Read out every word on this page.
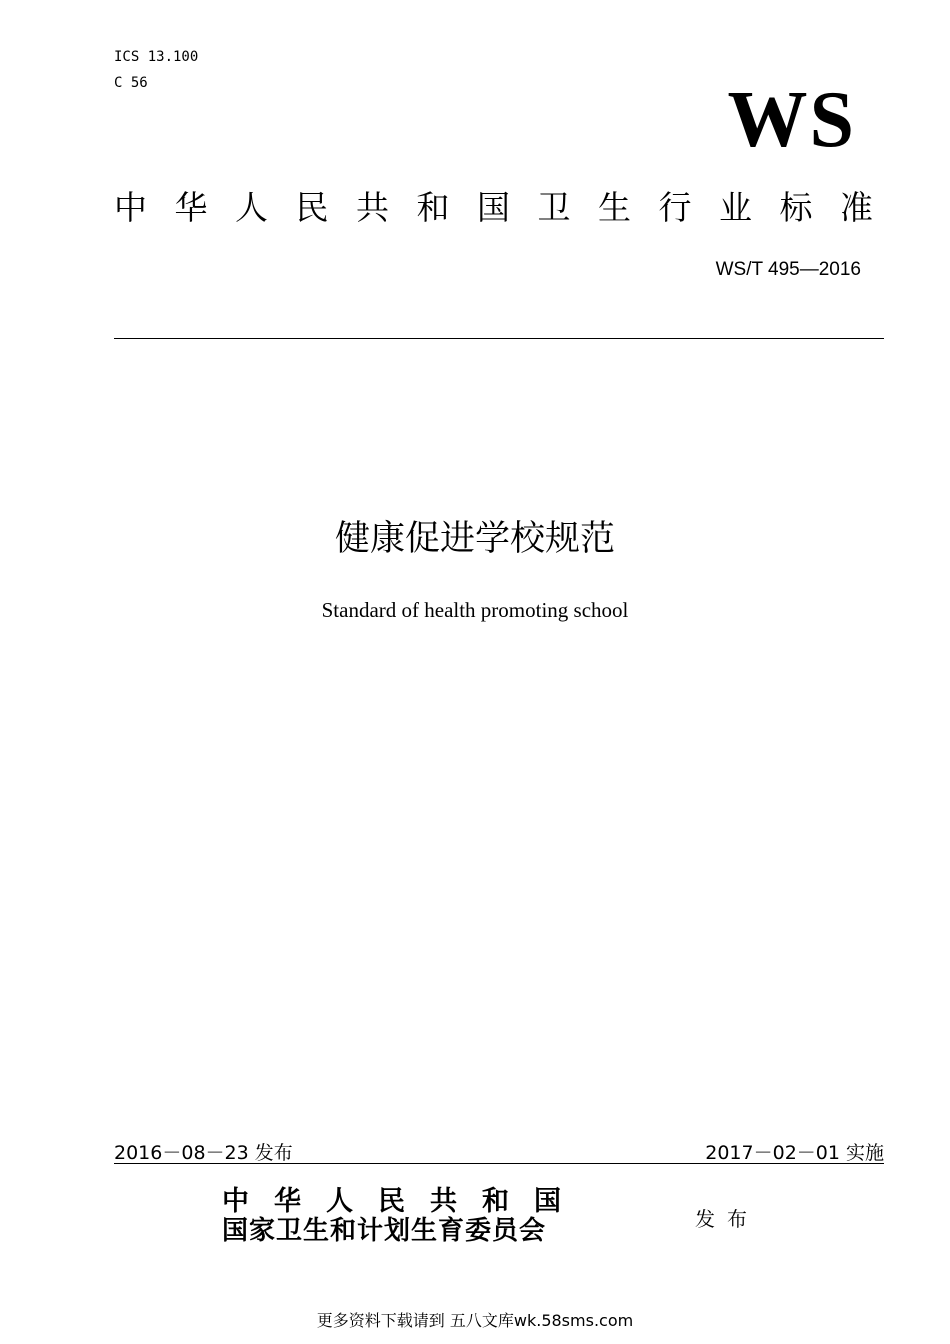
ICS 13.100
C 56	WS
中华人民共和国卫生行业标准
WS/T 495—2016
健康促进学校规范
Standard of health promoting school
2016－08－23 发布	2017－02－01 实施
中华人民共和国
国家卫生和计划生育委员会	发布
更多资料下载请到 五八文库wk.58sms.com
